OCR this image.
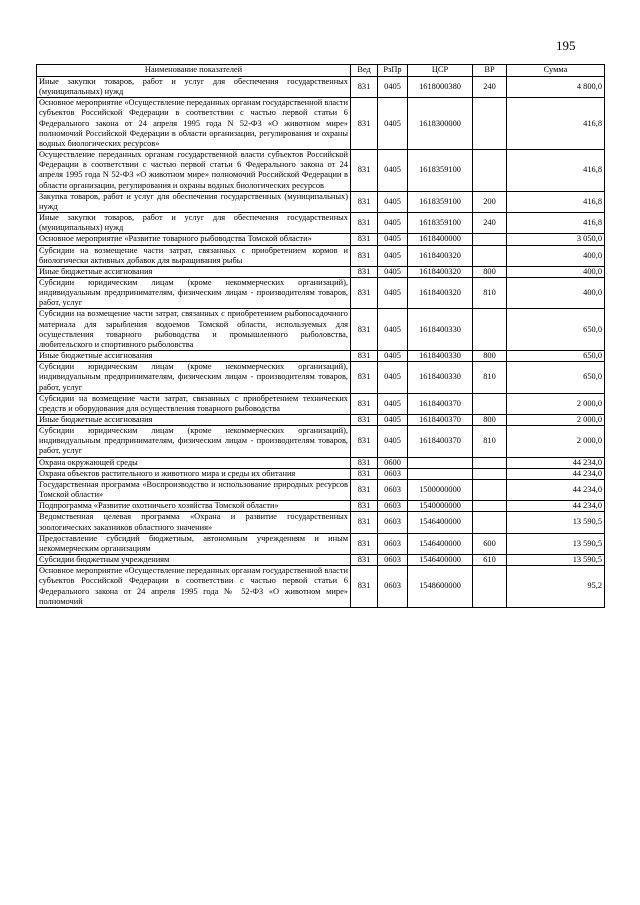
195
Наименование показателей	Вед	РзПр	ЦСР	ВР	Сумма
Иные закупки товаров, работ и услуг для обеспечения государственных (муниципальных) нужд	831	0405	1618000380	240	4 800,0
Основное мероприятие «Осуществление переданных органам государственной власти субъектов Российской Федерации в соответствии с частью первой статьи 6 Федерального закона от 24 апреля 1995 года N 52-ФЗ «О животном мире» полномочий Российской Федерации в области организации, регулирования и охраны водных биологических ресурсов»	831	0405	1618300000		416,8
Осуществление переданных органам государственной власти субъектов Российской Федерации в соответствии с частью первой статьи 6 Федерального закона от 24 апреля 1995 года N 52-ФЗ «О животном мире» полномочий Российской Федерации в области организации, регулирования и охраны водных биологических ресурсов	831	0405	1618359100		416,8
Закупка товаров, работ и услуг для обеспечения государственных (муниципальных) нужд	831	0405	1618359100	200	416,8
Иные закупки товаров, работ и услуг для обеспечения государственных (муниципальных) нужд	831	0405	1618359100	240	416,8
Основное мероприятие «Развитие товарного рыбоводства Томской области»	831	0405	1618400000		3 050,0
Субсидии на возмещение части затрат, связанных с приобретением кормов и биологически активных добавок для выращивания рыбы	831	0405	1618400320		400,0
Иные бюджетные ассигнования	831	0405	1618400320	800	400,0
Субсидии юридическим лицам (кроме некоммерческих организаций), индивидуальным предпринимателям, физическим лицам - производителям товаров, работ, услуг	831	0405	1618400320	810	400,0
Субсидии на возмещение части затрат, связанных с приобретением рыбопосадочного материала для зарыбления водоемов Томской области, используемых для осуществления товарного рыбоводства и промышленного рыболовства, любительского и спортивного рыболовства	831	0405	1618400330		650,0
Иные бюджетные ассигнования	831	0405	1618400330	800	650,0
Субсидии юридическим лицам (кроме некоммерческих организаций), индивидуальным предпринимателям, физическим лицам - производителям товаров, работ, услуг	831	0405	1618400330	810	650,0
Субсидии на возмещение части затрат, связанных с приобретением технических средств и оборудования для осуществления товарного рыбоводства	831	0405	1618400370		2 000,0
Иные бюджетные ассигнования	831	0405	1618400370	800	2 000,0
Субсидии юридическим лицам (кроме некоммерческих организаций), индивидуальным предпринимателям, физическим лицам - производителям товаров, работ, услуг	831	0405	1618400370	810	2 000,0
Охрана окружающей среды	831	0600			44 234,0
Охрана объектов растительного и животного мира и среды их обитания	831	0603			44 234,0
Государственная программа «Воспроизводство и использование природных ресурсов Томской области»	831	0603	1500000000		44 234,0
Подпрограмма «Развитие охотничьего хозяйства Томской области»	831	0603	1540000000		44 234,0
Ведомственная целевая программа «Охрана и развитие государственных зоологических заказников областного значения»	831	0603	1546400000		13 590,5
Предоставление субсидий бюджетным, автономным учреждениям и иным некоммерческим организациям	831	0603	1546400000	600	13 590,5
Субсидии бюджетным учреждениям	831	0603	1546400000	610	13 590,5
Основное мероприятие «Осуществление переданных органам государственной власти субъектов Российской Федерации в соответствии с частью первой статьи 6 Федерального закона от 24 апреля 1995 года № 52-ФЗ «О животном мире» полномочий	831	0603	1548600000		95,2
